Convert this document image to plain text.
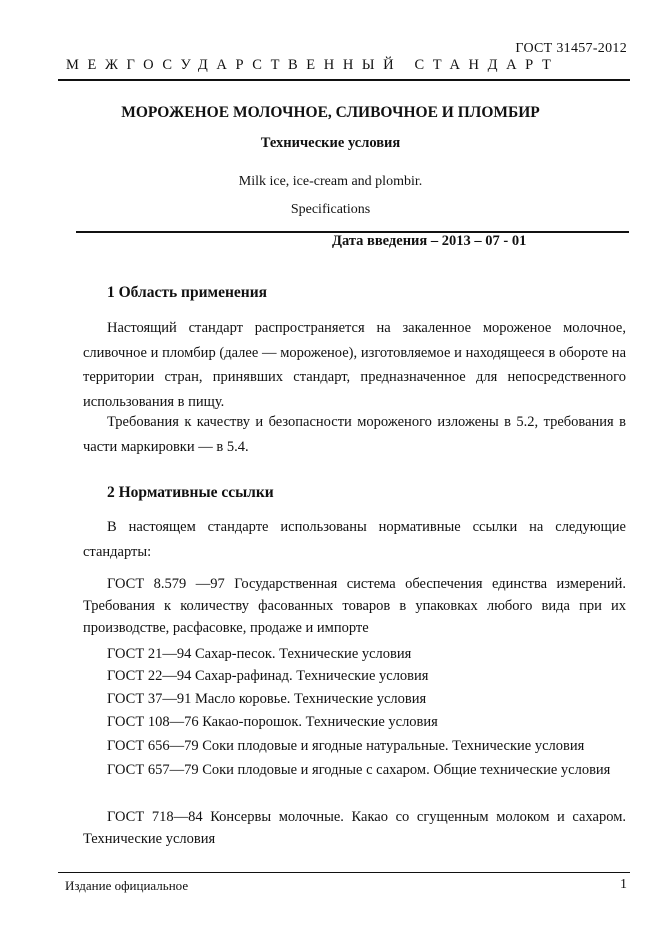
ГОСТ 31457-2012
МЕЖГОСУДАРСТВЕННЫЙ СТАНДАРТ
МОРОЖЕНОЕ МОЛОЧНОЕ, СЛИВОЧНОЕ И ПЛОМБИР
Технические условия
Milk ice, ice-cream and plombir.
Specifications
Дата введения – 2013 – 07 - 01
1 Область применения
Настоящий стандарт распространяется на закаленное мороженое молочное, сливочное и пломбир (далее — мороженое), изготовляемое и находящееся в обороте на территории стран, принявших стандарт, предназначенное для непосредственного использования в пищу.
Требования к качеству и безопасности мороженого изложены в 5.2, требования в части маркировки — в 5.4.
2 Нормативные ссылки
В настоящем стандарте использованы нормативные ссылки на следующие стандарты:
ГОСТ 8.579 —97 Государственная система обеспечения единства измерений. Требования к количеству фасованных товаров в упаковках любого вида при их производстве, расфасовке, продаже и импорте
ГОСТ 21—94 Сахар-песок. Технические условия
ГОСТ 22—94 Сахар-рафинад. Технические условия
ГОСТ 37—91 Масло коровье. Технические условия
ГОСТ 108—76 Какао-порошок. Технические условия
ГОСТ 656—79 Соки плодовые и ягодные натуральные. Технические условия
ГОСТ 657—79 Соки плодовые и ягодные с сахаром. Общие технические условия
ГОСТ 718—84 Консервы молочные. Какао со сгущенным молоком и сахаром. Технические условия
Издание официальное	1
